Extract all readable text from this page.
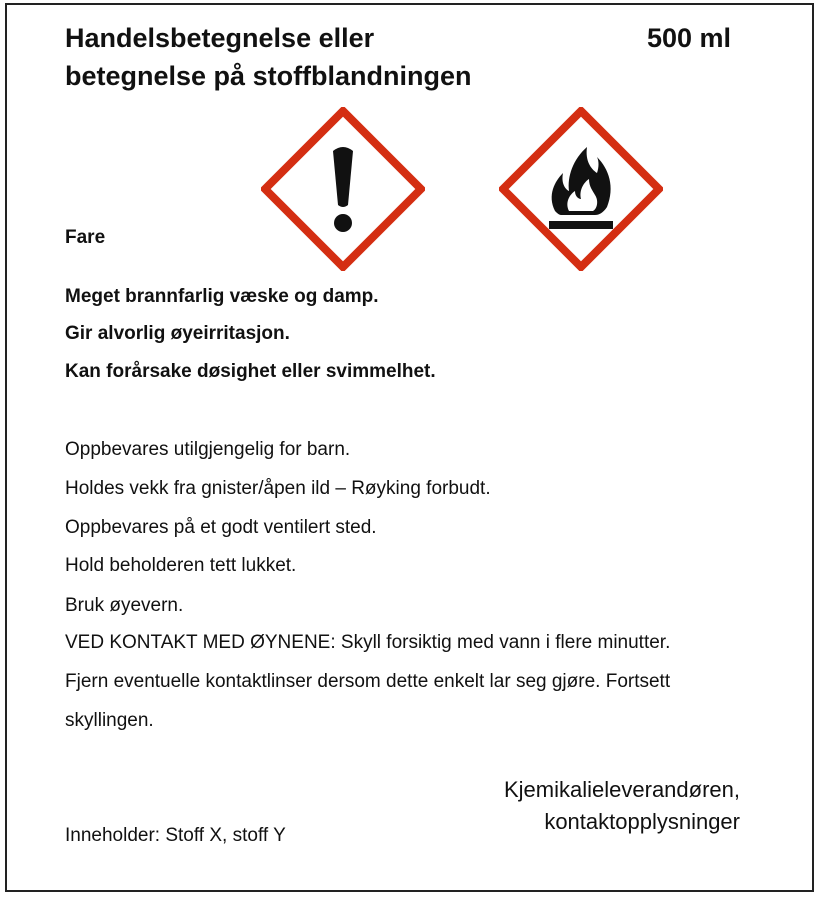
Handelsbetegnelse eller
betegnelse på stoffblandningen
500 ml
Fare
Meget brannfarlig væske og damp.
Gir alvorlig øyeirritasjon.
Kan forårsake døsighet eller svimmelhet.
Oppbevares utilgjengelig for barn.
Holdes vekk fra gnister/åpen ild – Røyking forbudt.
Oppbevares på et godt ventilert sted.
Hold beholderen tett lukket.
Bruk øyevern.
VED KONTAKT MED ØYNENE: Skyll forsiktig med vann i flere minutter.
Fjern eventuelle kontaktlinser dersom dette enkelt lar seg gjøre. Fortsett
skyllingen.
Kjemikalieleverandøren,
kontaktopplysninger
Inneholder: Stoff X, stoff Y
